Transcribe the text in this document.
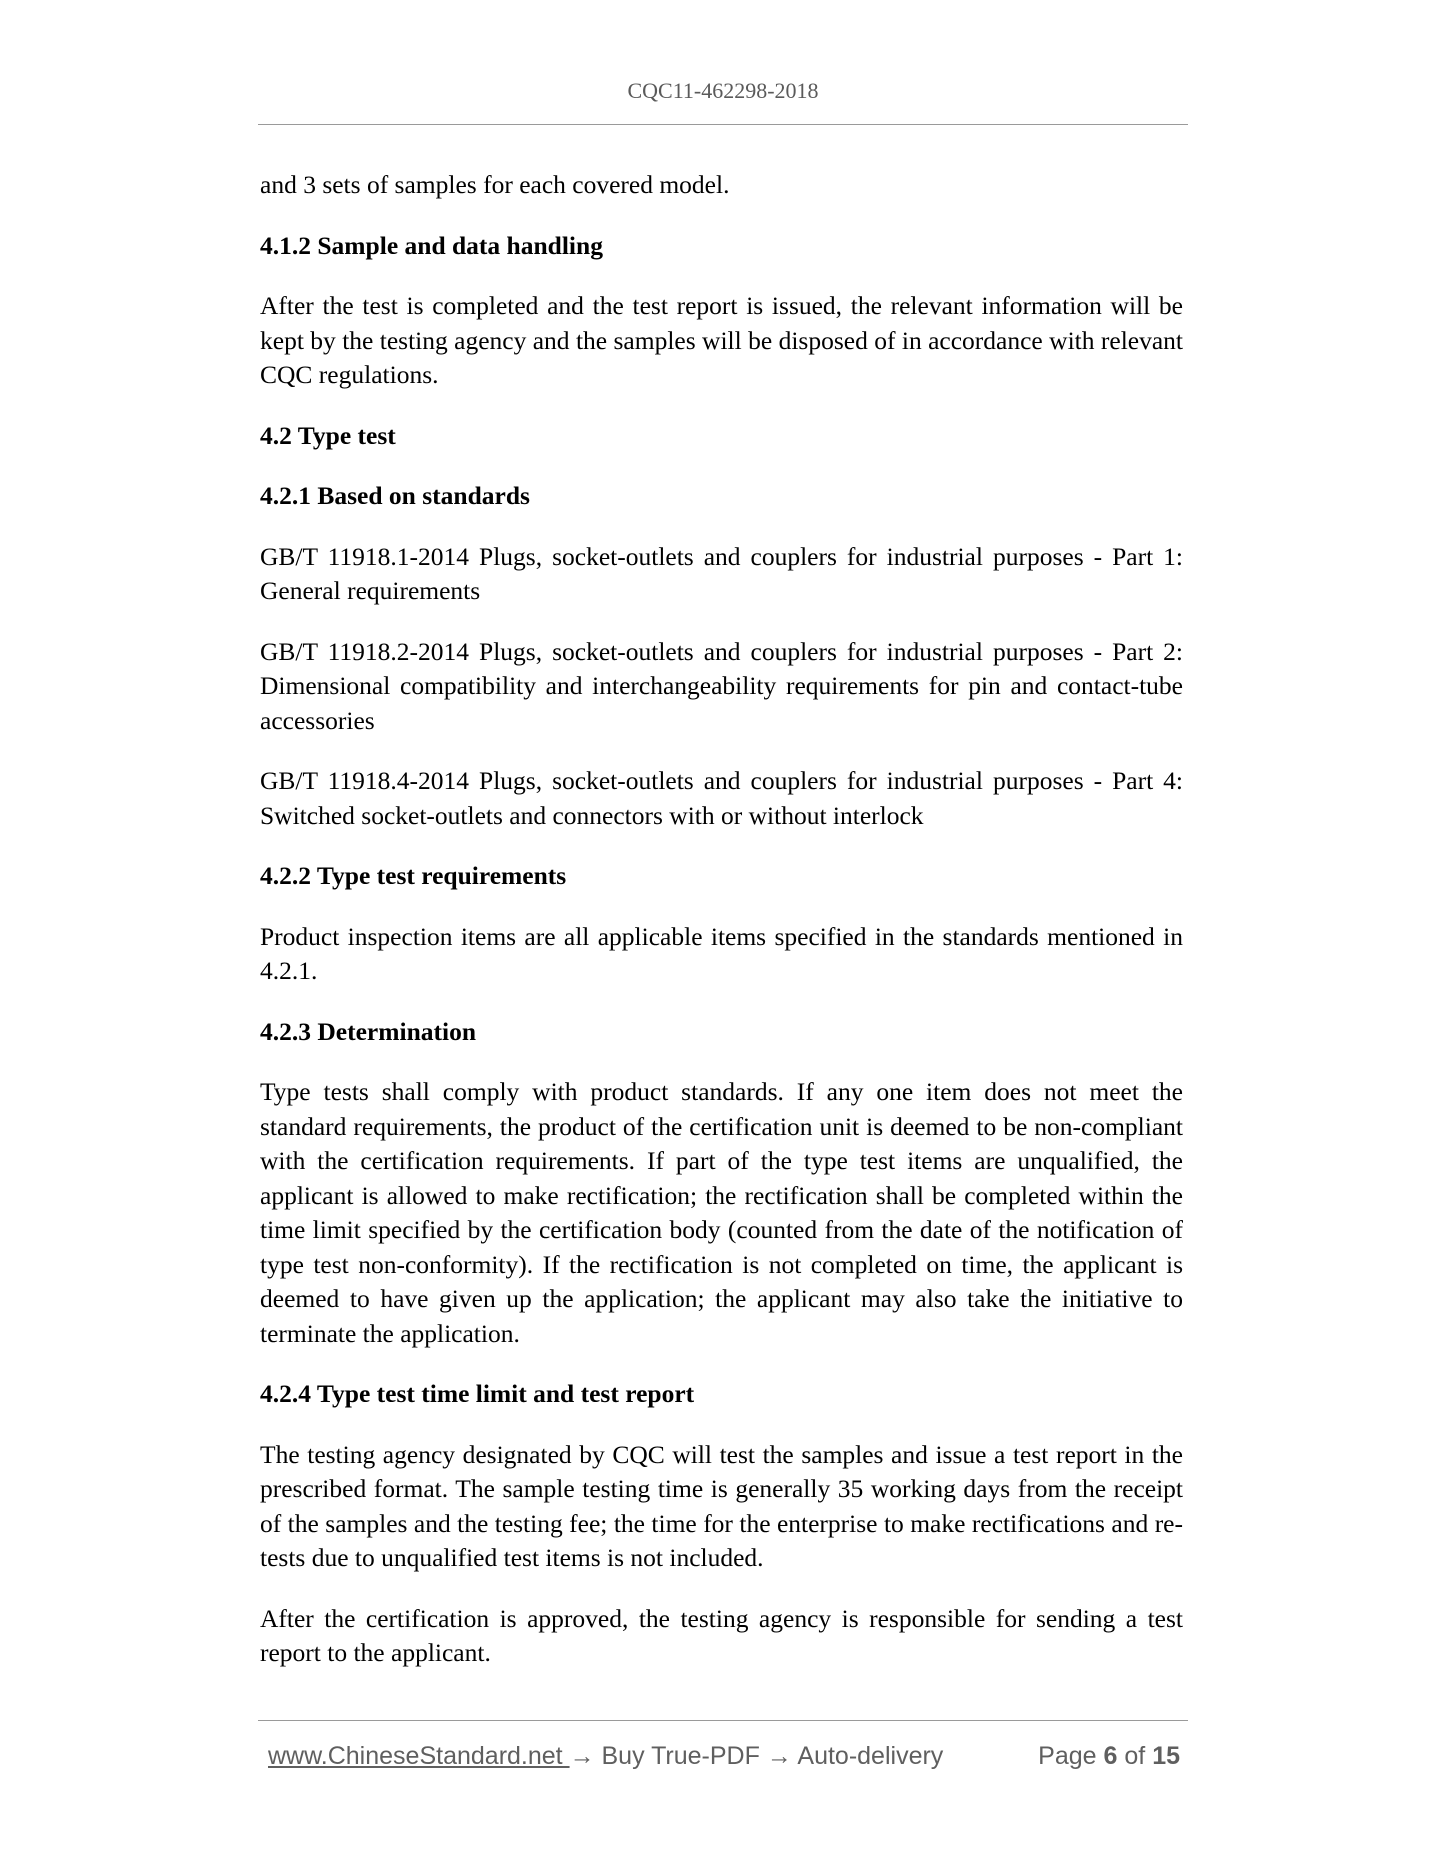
CQC11-462298-2018

and 3 sets of samples for each covered model.

4.1.2 Sample and data handling

After the test is completed and the test report is issued, the relevant information will be kept by the testing agency and the samples will be disposed of in accordance with relevant CQC regulations.

4.2 Type test
4.2.1 Based on standards

GB/T 11918.1-2014 Plugs, socket-outlets and couplers for industrial purposes - Part 1: General requirements

GB/T 11918.2-2014 Plugs, socket-outlets and couplers for industrial purposes - Part 2: Dimensional compatibility and interchangeability requirements for pin and contact-tube accessories

GB/T 11918.4-2014 Plugs, socket-outlets and couplers for industrial purposes - Part 4: Switched socket-outlets and connectors with or without interlock

4.2.2 Type test requirements

Product inspection items are all applicable items specified in the standards mentioned in 4.2.1.

4.2.3 Determination

Type tests shall comply with product standards. If any one item does not meet the standard requirements, the product of the certification unit is deemed to be non-compliant with the certification requirements. If part of the type test items are unqualified, the applicant is allowed to make rectification; the rectification shall be completed within the time limit specified by the certification body (counted from the date of the notification of type test non-conformity). If the rectification is not completed on time, the applicant is deemed to have given up the application; the applicant may also take the initiative to terminate the application.

4.2.4 Type test time limit and test report

The testing agency designated by CQC will test the samples and issue a test report in the prescribed format. The sample testing time is generally 35 working days from the receipt of the samples and the testing fee; the time for the enterprise to make rectifications and re-tests due to unqualified test items is not included.

After the certification is approved, the testing agency is responsible for sending a test report to the applicant.

www.ChineseStandard.net → Buy True-PDF → Auto-delivery	Page 6 of 15
